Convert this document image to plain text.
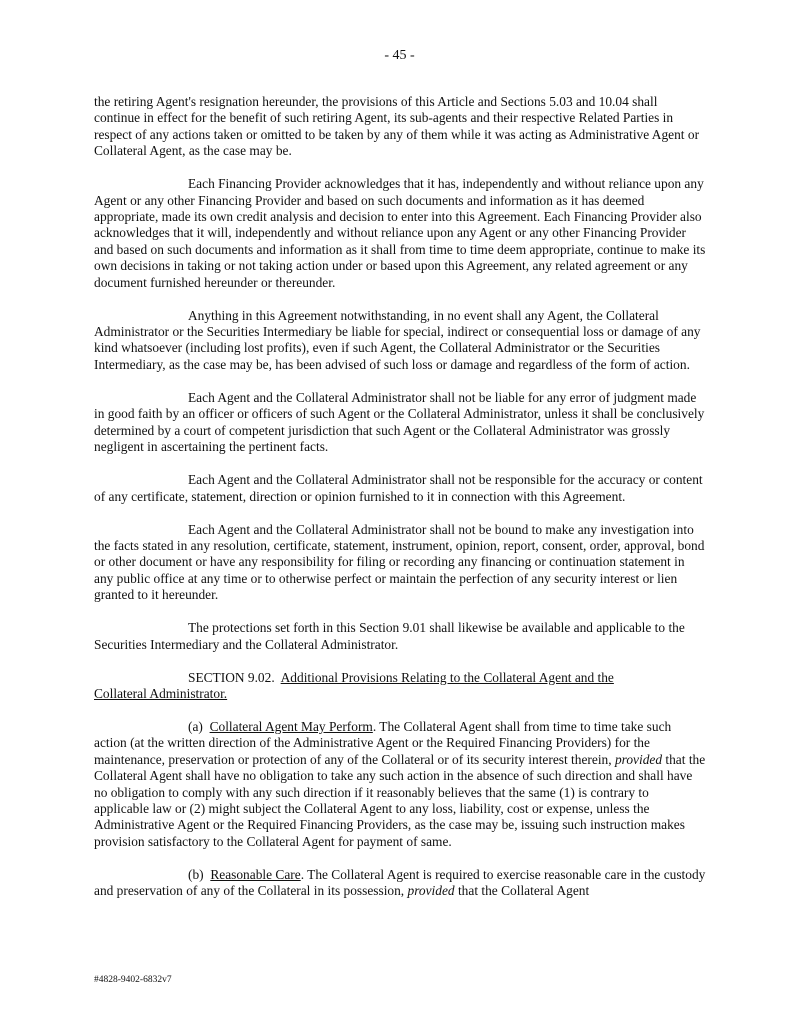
- 45 -

the retiring Agent's resignation hereunder, the provisions of this Article and Sections 5.03 and 10.04 shall continue in effect for the benefit of such retiring Agent, its sub-agents and their respective Related Parties in respect of any actions taken or omitted to be taken by any of them while it was acting as Administrative Agent or Collateral Agent, as the case may be.

Each Financing Provider acknowledges that it has, independently and without reliance upon any Agent or any other Financing Provider and based on such documents and information as it has deemed appropriate, made its own credit analysis and decision to enter into this Agreement. Each Financing Provider also acknowledges that it will, independently and without reliance upon any Agent or any other Financing Provider and based on such documents and information as it shall from time to time deem appropriate, continue to make its own decisions in taking or not taking action under or based upon this Agreement, any related agreement or any document furnished hereunder or thereunder.

Anything in this Agreement notwithstanding, in no event shall any Agent, the Collateral Administrator or the Securities Intermediary be liable for special, indirect or consequential loss or damage of any kind whatsoever (including lost profits), even if such Agent, the Collateral Administrator or the Securities Intermediary, as the case may be, has been advised of such loss or damage and regardless of the form of action.

Each Agent and the Collateral Administrator shall not be liable for any error of judgment made in good faith by an officer or officers of such Agent or the Collateral Administrator, unless it shall be conclusively determined by a court of competent jurisdiction that such Agent or the Collateral Administrator was grossly negligent in ascertaining the pertinent facts.

Each Agent and the Collateral Administrator shall not be responsible for the accuracy or content of any certificate, statement, direction or opinion furnished to it in connection with this Agreement.

Each Agent and the Collateral Administrator shall not be bound to make any investigation into the facts stated in any resolution, certificate, statement, instrument, opinion, report, consent, order, approval, bond or other document or have any responsibility for filing or recording any financing or continuation statement in any public office at any time or to otherwise perfect or maintain the perfection of any security interest or lien granted to it hereunder.

The protections set forth in this Section 9.01 shall likewise be available and applicable to the Securities Intermediary and the Collateral Administrator.

SECTION 9.02. Additional Provisions Relating to the Collateral Agent and the
Collateral Administrator.

(a) Collateral Agent May Perform. The Collateral Agent shall from time to time take such action (at the written direction of the Administrative Agent or the Required Financing Providers) for the maintenance, preservation or protection of any of the Collateral or of its security interest therein, provided that the Collateral Agent shall have no obligation to take any such action in the absence of such direction and shall have no obligation to comply with any such direction if it reasonably believes that the same (1) is contrary to applicable law or (2) might subject the Collateral Agent to any loss, liability, cost or expense, unless the Administrative Agent or the Required Financing Providers, as the case may be, issuing such instruction makes provision satisfactory to the Collateral Agent for payment of same.

(b) Reasonable Care. The Collateral Agent is required to exercise reasonable care in the custody and preservation of any of the Collateral in its possession, provided that the Collateral Agent

#4828-9402-6832v7
